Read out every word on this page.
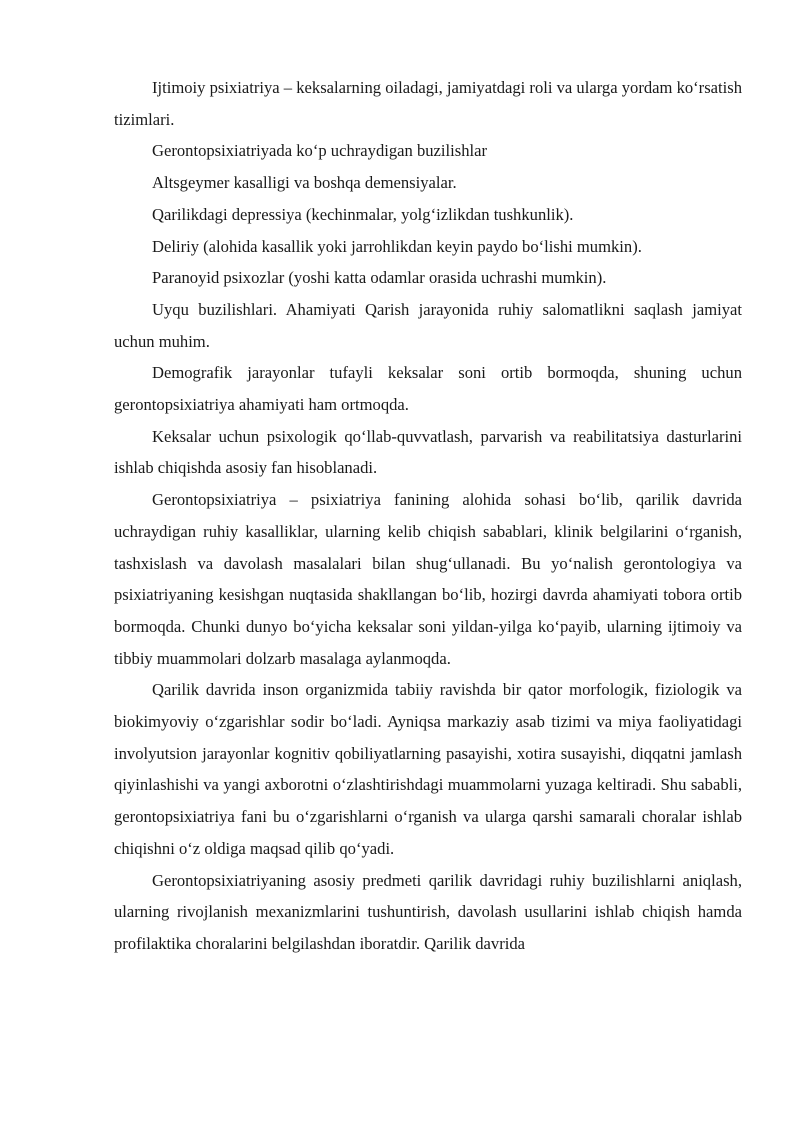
Ijtimoiy psixiatriya – keksalarning oiladagi, jamiyatdagi roli va ularga yordam ko‘rsatish tizimlari.

Gerontopsixiatriyada ko‘p uchraydigan buzilishlar

Altsgeymer kasalligi va boshqa demensiyalar.

Qarilikdagi depressiya (kechinmalar, yolg‘izlikdan tushkunlik).

Deliriy (alohida kasallik yoki jarrohlikdan keyin paydo bo‘lishi mumkin).

Paranoyid psixozlar (yoshi katta odamlar orasida uchrashi mumkin).

Uyqu buzilishlari. Ahamiyati Qarish jarayonida ruhiy salomatlikni saqlash jamiyat uchun muhim.

Demografik jarayonlar tufayli keksalar soni ortib bormoqda, shuning uchun gerontopsixiatriya ahamiyati ham ortmoqda.

Keksalar uchun psixologik qo‘llab-quvvatlash, parvarish va reabilitatsiya dasturlarini ishlab chiqishda asosiy fan hisoblanadi.

Gerontopsixiatriya – psixiatriya fanining alohida sohasi bo‘lib, qarilik davrida uchraydigan ruhiy kasalliklar, ularning kelib chiqish sabablari, klinik belgilarini o‘rganish, tashxislash va davolash masalalari bilan shug‘ullanadi. Bu yo‘nalish gerontologiya va psixiatriyaning kesishgan nuqtasida shakllangan bo‘lib, hozirgi davrda ahamiyati tobora ortib bormoqda. Chunki dunyo bo‘yicha keksalar soni yildan-yilga ko‘payib, ularning ijtimoiy va tibbiy muammolari dolzarb masalaga aylanmoqda.

Qarilik davrida inson organizmida tabiiy ravishda bir qator morfologik, fiziologik va biokimyoviy o‘zgarishlar sodir bo‘ladi. Ayniqsa markaziy asab tizimi va miya faoliyatidagi involyutsion jarayonlar kognitiv qobiliyatlarning pasayishi, xotira susayishi, diqqatni jamlash qiyinlashishi va yangi axborotni o‘zlashtirishdagi muammolarni yuzaga keltiradi. Shu sababli, gerontopsixiatriya fani bu o‘zgarishlarni o‘rganish va ularga qarshi samarali choralar ishlab chiqishni o‘z oldiga maqsad qilib qo‘yadi.

Gerontopsixiatriyaning asosiy predmeti qarilik davridagi ruhiy buzilishlarni aniqlash, ularning rivojlanish mexanizmlarini tushuntirish, davolash usullarini ishlab chiqish hamda profilaktika choralarini belgilashdan iboratdir. Qarilik davrida
